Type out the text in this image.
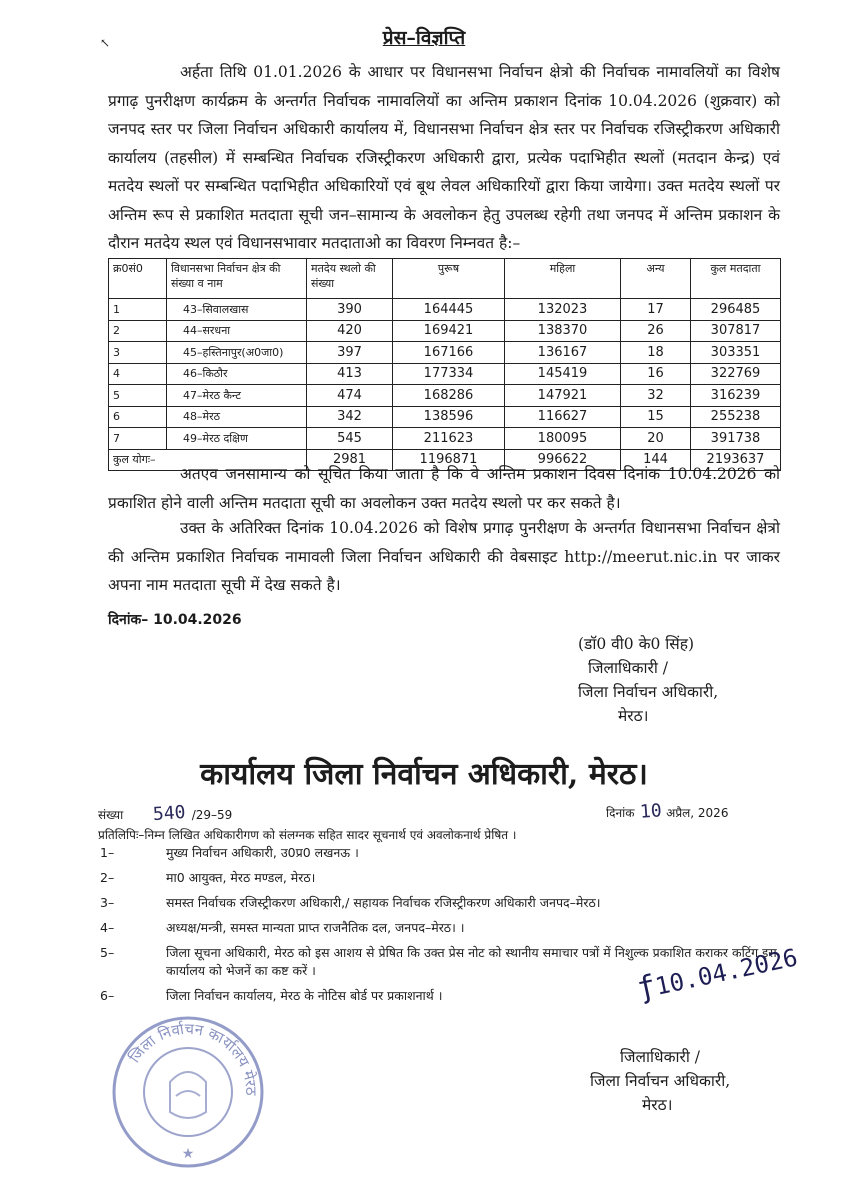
↖	प्रेस–विज्ञप्ति

अर्हता तिथि 01.01.2026 के आधार पर विधानसभा निर्वाचन क्षेत्रो की निर्वाचक नामावलियों का विशेष प्रगाढ़ पुनरीक्षण कार्यक्रम के अन्तर्गत निर्वाचक नामावलियों का अन्तिम प्रकाशन दिनांक 10.04.2026 (शुक्रवार) को जनपद स्तर पर जिला निर्वाचन अधिकारी कार्यालय में, विधानसभा निर्वाचन क्षेत्र स्तर पर निर्वाचक रजिस्ट्रीकरण अधिकारी कार्यालय (तहसील) में सम्बन्धित निर्वाचक रजिस्ट्रीकरण अधिकारी द्वारा, प्रत्येक पदाभिहीत स्थलों (मतदान केन्द्र) एवं मतदेय स्थलों पर सम्बन्धित पदाभिहीत अधिकारियों एवं बूथ लेवल अधिकारियों द्वारा किया जायेगा। उक्त मतदेय स्थलों पर अन्तिम रूप से प्रकाशित मतदाता सूची जन–सामान्य के अवलोकन हेतु उपलब्ध रहेगी तथा जनपद में अन्तिम प्रकाशन के दौरान मतदेय स्थल एवं विधानसभावार मतदाताओ का विवरण निम्नवत है:–

क्र0सं0	विधानसभा निर्वाचन क्षेत्र की संख्या व नाम	मतदेय स्थलो की संख्या	पुरूष	महिला	अन्य	कुल मतदाता
1	43–सिवालखास	390	164445	132023	17	296485
2	44–सरधना	420	169421	138370	26	307817
3	45–हस्तिनापुर(अ0जा0)	397	167166	136167	18	303351
4	46–किठौर	413	177334	145419	16	322769
5	47–मेरठ कैन्ट	474	168286	147921	32	316239
6	48–मेरठ	342	138596	116627	15	255238
7	49–मेरठ दक्षिण	545	211623	180095	20	391738
कुल योगः–		2981	1196871	996622	144	2193637

अतएव जनसामान्य को सूचित किया जाता है कि वे अन्तिम प्रकाशन दिवस दिनांक 10.04.2026 को प्रकाशित होने वाली अन्तिम मतदाता सूची का अवलोकन उक्त मतदेय स्थलो पर कर सकते है।

उक्त के अतिरिक्त दिनांक 10.04.2026 को विशेष प्रगाढ़ पुनरीक्षण के अन्तर्गत विधानसभा निर्वाचन क्षेत्रो की अन्तिम प्रकाशित निर्वाचक नामावली जिला निर्वाचन अधिकारी की वेबसाइट http://meerut.nic.in पर जाकर अपना नाम मतदाता सूची में देख सकते है।

दिनांक– 10.04.2026
(डॉ0 वी0 के0 सिंह)
जिलाधिकारी /
जिला निर्वाचन अधिकारी,
मेरठ।
कार्यालय जिला निर्वाचन अधिकारी, मेरठ।
संख्या 540 /29–59	दिनांक 10 अप्रैल, 2026
प्रतिलिपिः–निम्न लिखित अधिकारीगण को संलग्नक सहित सादर सूचनार्थ एवं अवलोकनार्थ प्रेषित ।
1–	मुख्य निर्वाचन अधिकारी, उ0प्र0 लखनऊ ।
2–	मा0 आयुक्त, मेरठ मण्डल, मेरठ।
3–	समस्त निर्वाचक रजिस्ट्रीकरण अधिकारी,/ सहायक निर्वाचक रजिस्ट्रीकरण अधिकारी जनपद–मेरठ।
4–	अध्यक्ष/मन्त्री, समस्त मान्यता प्राप्त राजनैतिक दल, जनपद–मेरठ। ।
5–	जिला सूचना अधिकारी, मेरठ को इस आशय से प्रेषित कि उक्त प्रेस नोट को स्थानीय समाचार पत्रों में निशुल्क प्रकाशित कराकर कटिंग इस कार्यालय को भेजनें का कष्ट करें ।
6–	जिला निर्वाचन कार्यालय, मेरठ के नोटिस बोर्ड पर प्रकाशनार्थ ।	ƒ10.04.2026
जिला निर्वाचन कार्यालय मेरठ
★
जिलाधिकारी /
जिला निर्वाचन अधिकारी,
मेरठ।
